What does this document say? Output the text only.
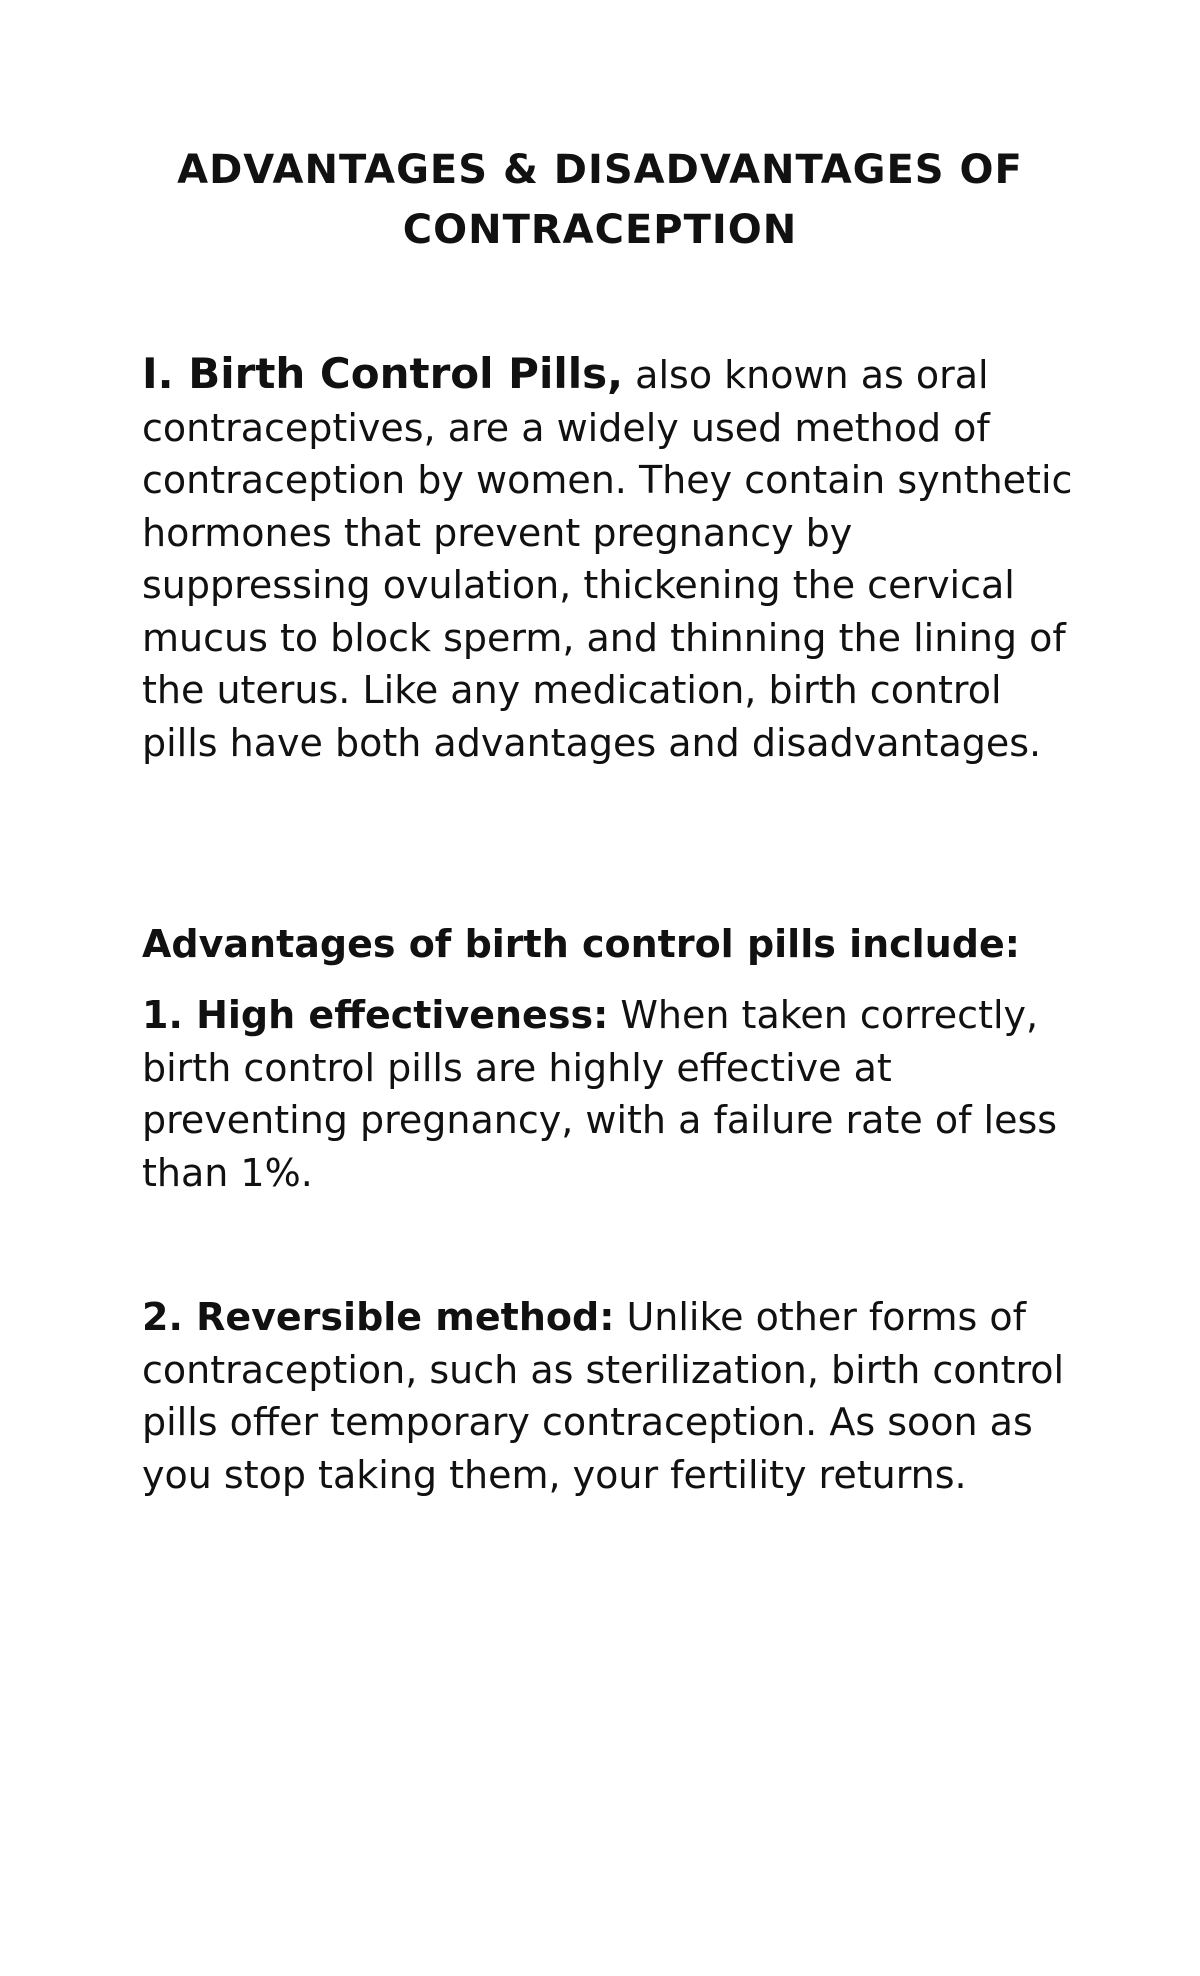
ADVANTAGES & DISADVANTAGES OF
CONTRACEPTION

I. Birth Control Pills, also known as oral contraceptives, are a widely used method of contraception by women. They contain synthetic hormones that prevent pregnancy by suppressing ovulation, thickening the cervical mucus to block sperm, and thinning the lining of the uterus. Like any medication, birth control pills have both advantages and disadvantages.

Advantages of birth control pills include:

1. High effectiveness: When taken correctly, birth control pills are highly effective at preventing pregnancy, with a failure rate of less than 1%.

2. Reversible method: Unlike other forms of contraception, such as sterilization, birth control pills offer temporary contraception. As soon as you stop taking them, your fertility returns.
